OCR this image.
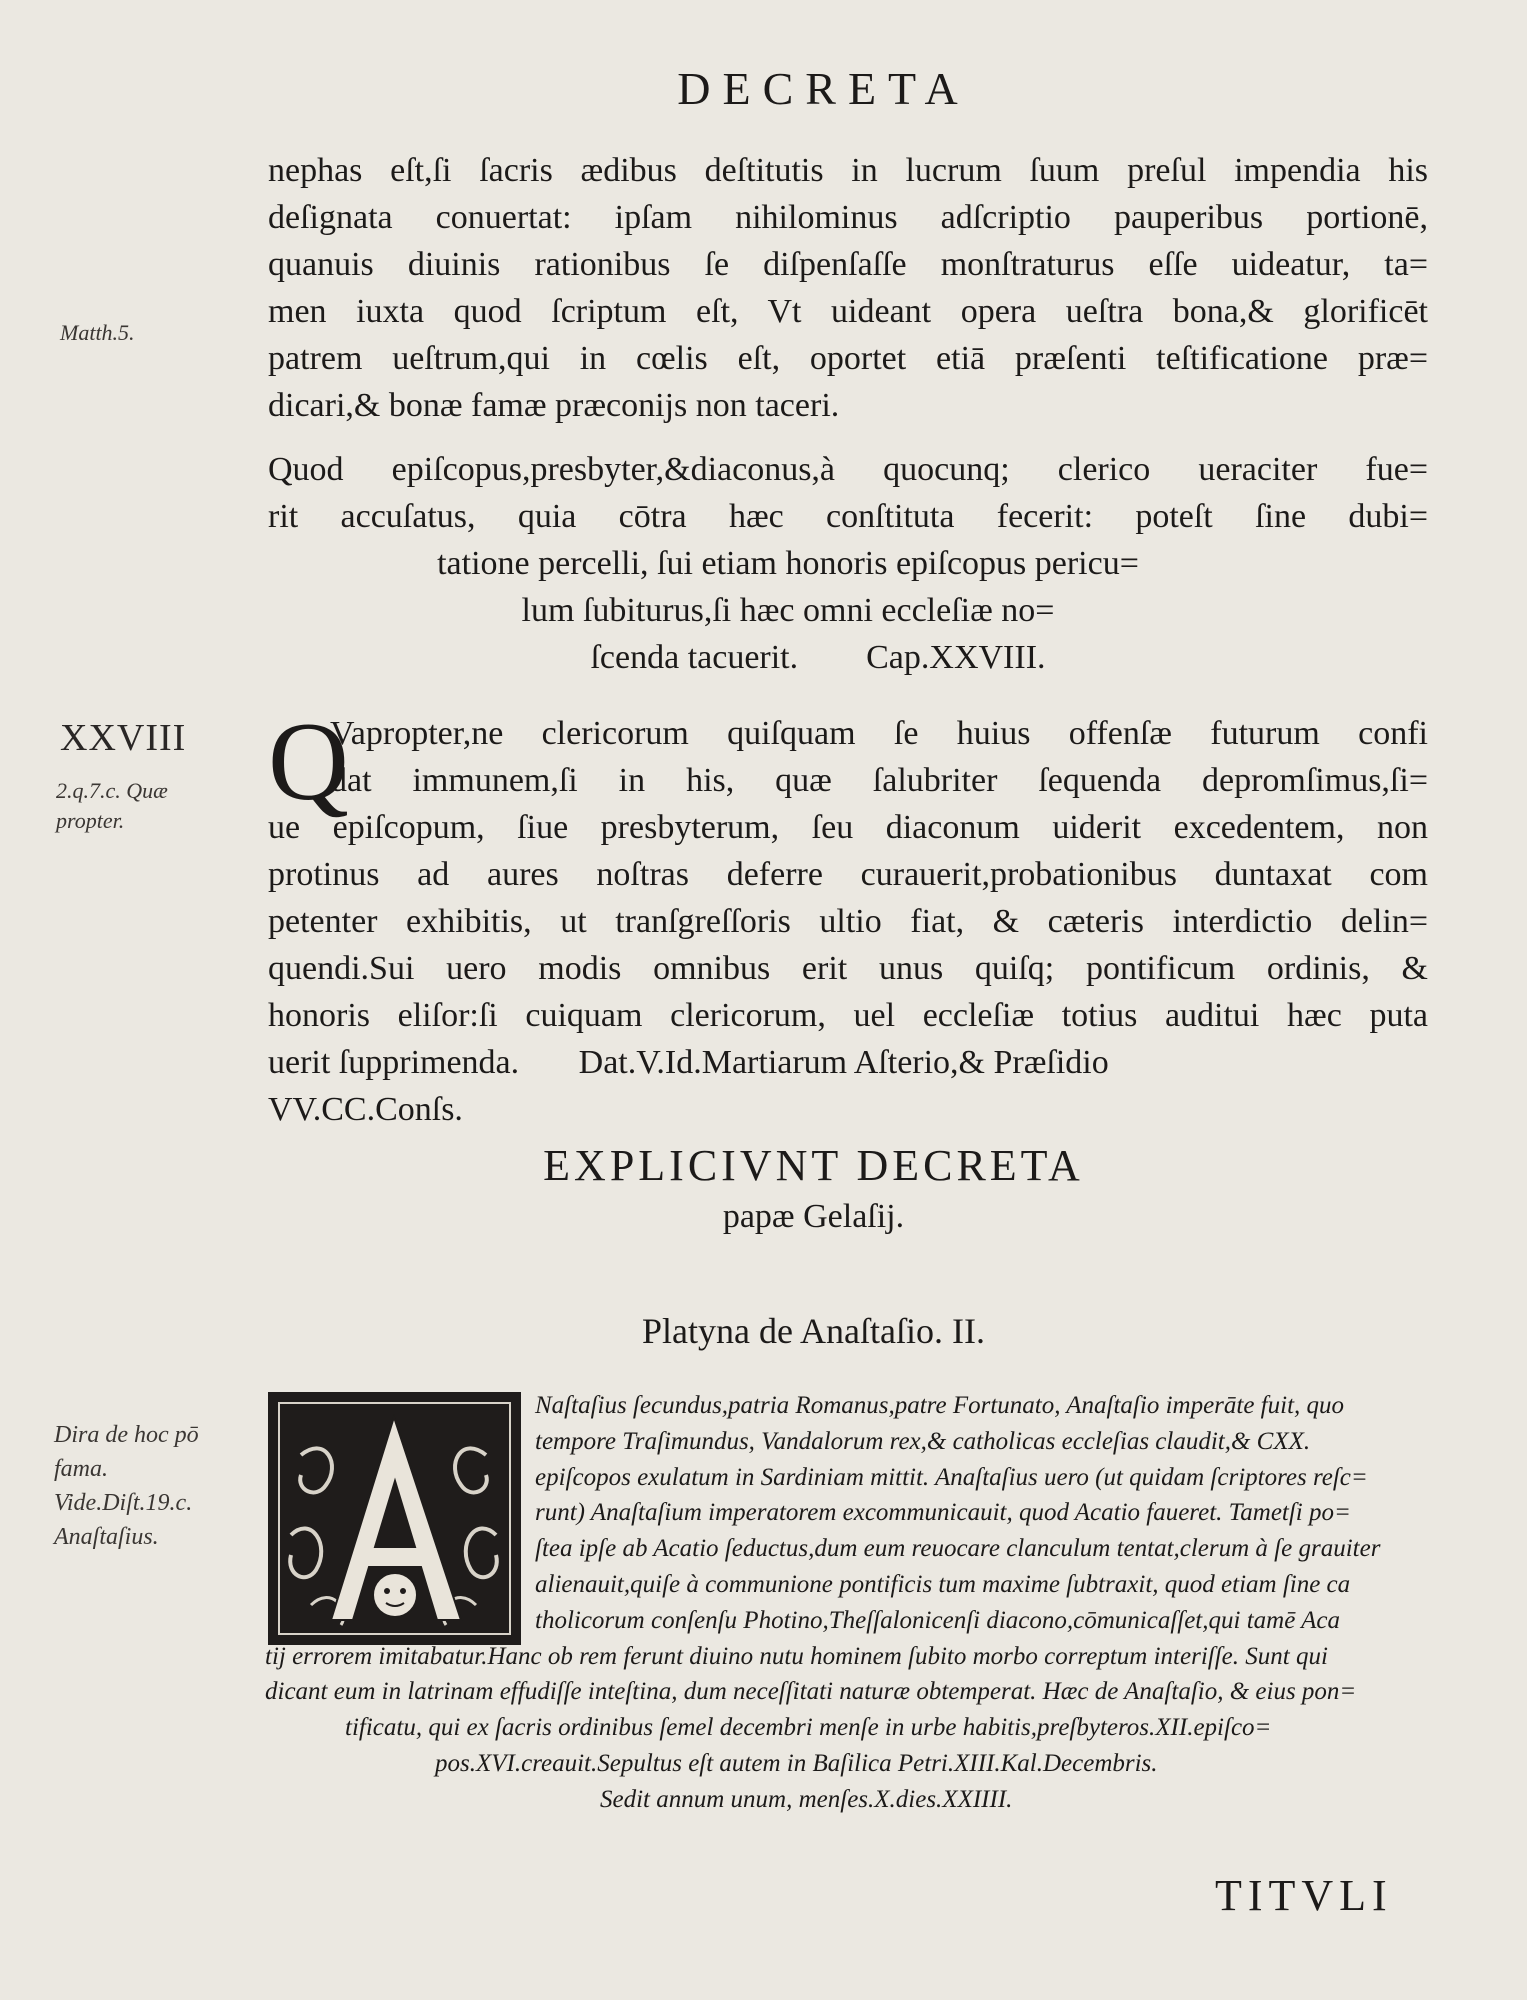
DECRETA
Matth.5.
XXVIII
2.q.7.c. Quæ
propter.
Dira de hoc pō
fama.
Vide.Diſt.19.c.
Anaſtaſius.
nephas eſt,ſi ſacris ædibus deſtitutis in lucrum ſuum preſul impendia his
deſignata conuertat: ipſam nihilominus adſcriptio pauperibus portionē,
quanuis diuinis rationibus ſe diſpenſaſſe monſtraturus eſſe uideatur, ta=
men iuxta quod ſcriptum eſt, Vt uideant opera ueſtra bona,& glorificēt
patrem ueſtrum,qui in cœlis eſt, oportet etiā præſenti teſtificatione præ=
dicari,& bonæ famæ præconijs non taceri.
Quod epiſcopus,presbyter,&diaconus,à quocunq; clerico ueraciter fue=
rit accuſatus, quia cōtra hæc conſtituta fecerit: poteſt ſine dubi=
tatione percelli, ſui etiam honoris epiſcopus pericu=
lum ſubiturus,ſi hæc omni eccleſiæ no=
ſcenda tacuerit.        Cap.XXVIII.
Q
Vapropter,ne clericorum quiſquam ſe huius offenſæ futurum confi
dat immunem,ſi in his, quæ ſalubriter ſequenda depromſimus,ſi=
ue epiſcopum, ſiue presbyterum, ſeu diaconum uiderit excedentem, non
protinus ad aures noſtras deferre curauerit,probationibus duntaxat com
petenter exhibitis, ut tranſgreſſoris ultio fiat, & cæteris interdictio delin=
quendi.Sui uero modis omnibus erit unus quiſq; pontificum ordinis, &
honoris eliſor:ſi cuiquam clericorum, uel eccleſiæ totius auditui hæc puta
uerit ſupprimenda.       Dat.V.Id.Martiarum Aſterio,& Præſidio
VV.CC.Conſs.
EXPLICIVNT DECRETA
papæ Gelaſij.
Platyna de Anaſtaſio. II.
Naſtaſius ſecundus,patria Romanus,patre Fortunato, Anaſtaſio imperāte fuit, quo
tempore Traſimundus, Vandalorum rex,& catholicas eccleſias claudit,& CXX.
epiſcopos exulatum in Sardiniam mittit. Anaſtaſius uero (ut quidam ſcriptores reſc=
runt) Anaſtaſium imperatorem excommunicauit, quod Acatio faueret. Tametſi po=
ſtea ipſe ab Acatio ſeductus,dum eum reuocare clanculum tentat,clerum à ſe grauiter
alienauit,quiſe à communione pontificis tum maxime ſubtraxit, quod etiam ſine ca
tholicorum conſenſu Photino,Theſſalonicenſi diacono,cōmunicaſſet,qui tamē Aca
tij errorem imitabatur.Hanc ob rem ferunt diuino nutu hominem ſubito morbo correptum interiſſe. Sunt qui
dicant eum in latrinam effudiſſe inteſtina, dum neceſſitati naturæ obtemperat. Hæc de Anaſtaſio, & eius pon=
tificatu, qui ex ſacris ordinibus ſemel decembri menſe in urbe habitis,preſbyteros.XII.epiſco=
pos.XVI.creauit.Sepultus eſt autem in Baſilica Petri.XIII.Kal.Decembris.
Sedit annum unum, menſes.X.dies.XXIIII.
TITVLI
